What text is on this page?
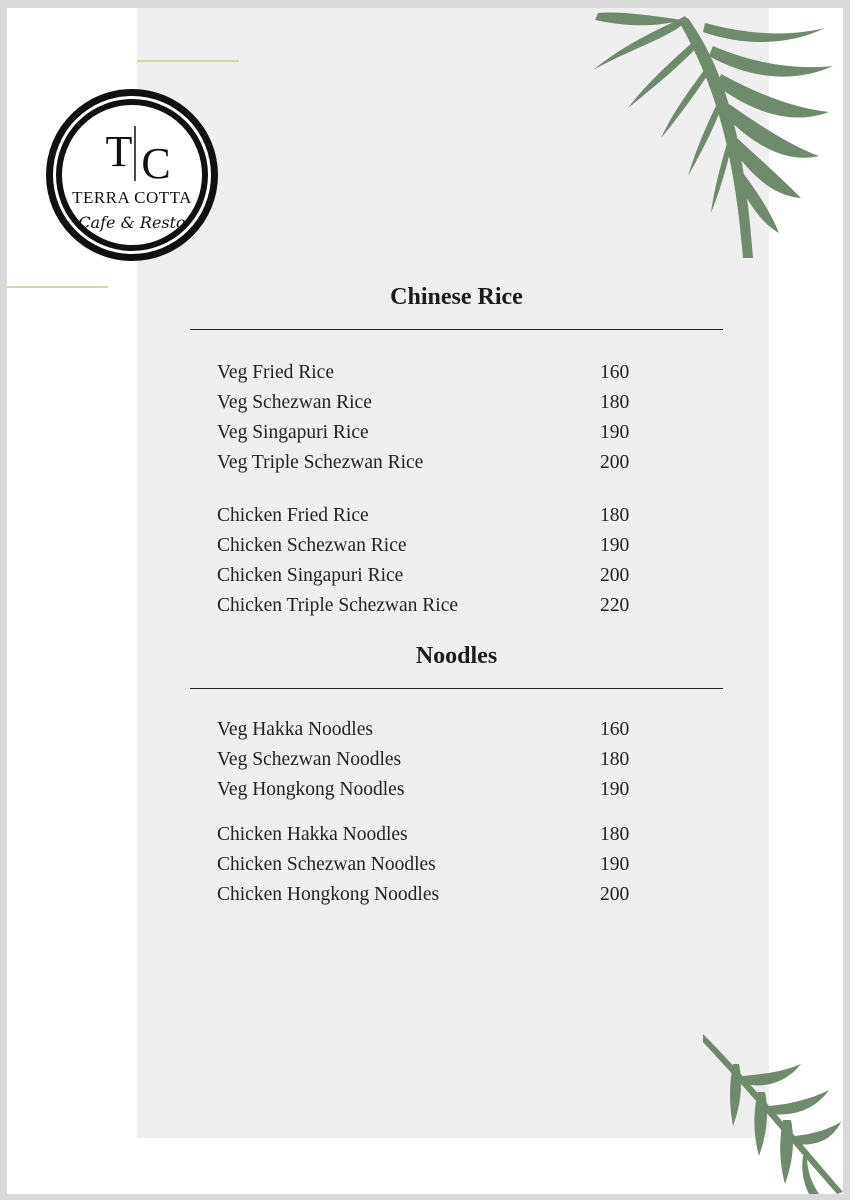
T C
TERRA COTTA
Cafe & Resto
Chinese Rice
Veg Fried Rice	160
Veg Schezwan Rice	180
Veg Singapuri Rice	190
Veg Triple Schezwan Rice	200
Chicken Fried Rice	180
Chicken Schezwan Rice	190
Chicken Singapuri Rice	200
Chicken Triple Schezwan Rice	220
Noodles
Veg Hakka Noodles	160
Veg Schezwan Noodles	180
Veg Hongkong Noodles	190
Chicken Hakka Noodles	180
Chicken Schezwan Noodles	190
Chicken Hongkong Noodles	200
